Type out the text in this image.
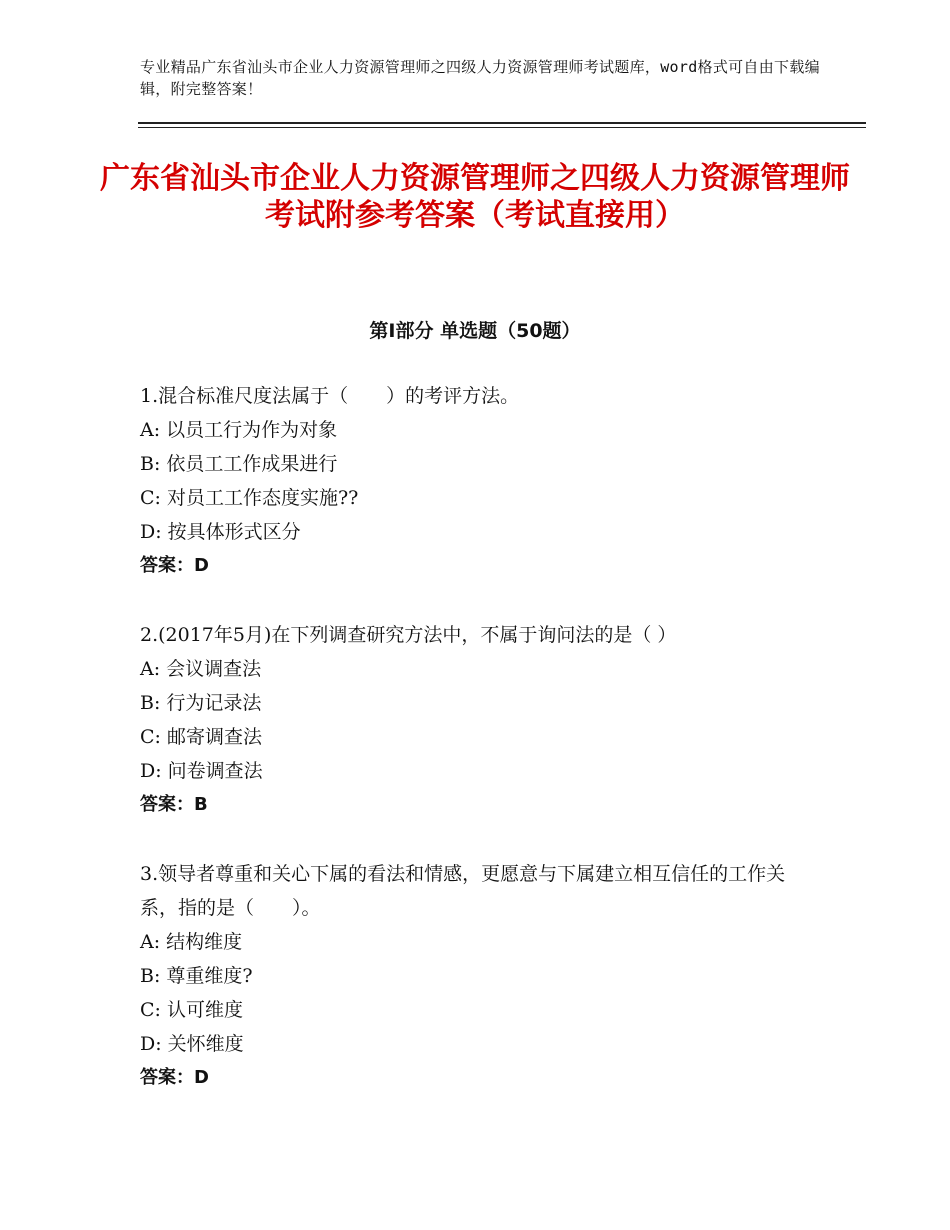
专业精品广东省汕头市企业人力资源管理师之四级人力资源管理师考试题库，word格式可自由下载编辑，附完整答案！
广东省汕头市企业人力资源管理师之四级人力资源管理师考试附参考答案（考试直接用）
第Ⅰ部分 单选题（50题）
1.混合标准尺度法属于（　　）的考评方法。
A: 以员工行为作为对象
B: 依员工工作成果进行
C: 对员工工作态度实施??
D: 按具体形式区分
答案：D
2.(2017年5月)在下列调查研究方法中，不属于询问法的是（ ）
A: 会议调查法
B: 行为记录法
C: 邮寄调查法
D: 问卷调查法
答案：B
3.领导者尊重和关心下属的看法和情感，更愿意与下属建立相互信任的工作关系，指的是（　　）。
A: 结构维度
B: 尊重维度?
C: 认可维度
D: 关怀维度
答案：D
